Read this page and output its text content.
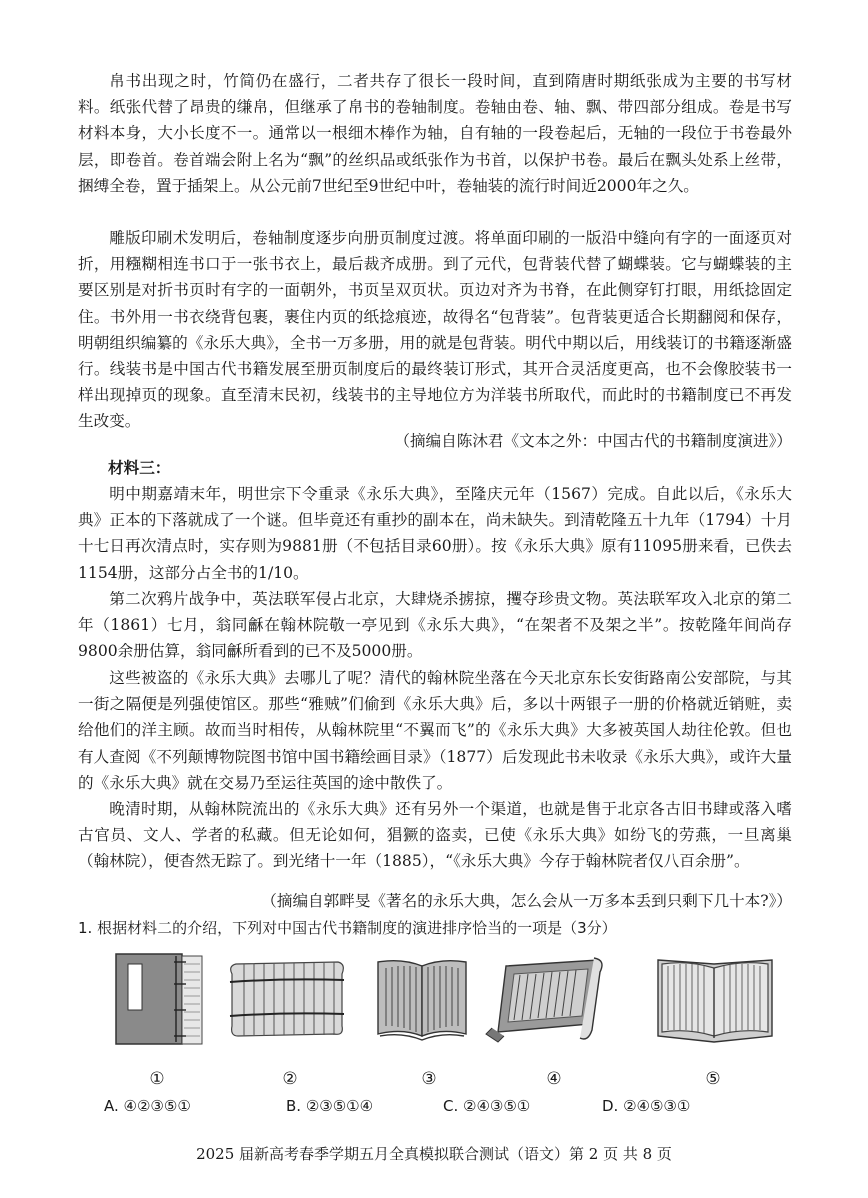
帛书出现之时，竹简仍在盛行，二者共存了很长一段时间，直到隋唐时期纸张成为主要的书写材料。纸张代替了昂贵的缣帛，但继承了帛书的卷轴制度。卷轴由卷、轴、飘、带四部分组成。卷是书写材料本身，大小长度不一。通常以一根细木棒作为轴，自有轴的一段卷起后，无轴的一段位于书卷最外层，即卷首。卷首端会附上名为“飘”的丝织品或纸张作为书首，以保护书卷。最后在飘头处系上丝带，捆缚全卷，置于插架上。从公元前7世纪至9世纪中叶，卷轴装的流行时间近2000年之久。

雕版印刷术发明后，卷轴制度逐步向册页制度过渡。将单面印刷的一版沿中缝向有字的一面逐页对折，用糨糊相连书口于一张书衣上，最后裁齐成册。到了元代，包背装代替了蝴蝶装。它与蝴蝶装的主要区别是对折书页时有字的一面朝外，书页呈双页状。页边对齐为书脊，在此侧穿钉打眼，用纸捻固定住。书外用一书衣绕背包裹，裹住内页的纸捻痕迹，故得名“包背装”。包背装更适合长期翻阅和保存，明朝组织编纂的《永乐大典》，全书一万多册，用的就是包背装。明代中期以后，用线装订的书籍逐渐盛行。线装书是中国古代书籍发展至册页制度后的最终装订形式，其开合灵活度更高，也不会像胶装书一样出现掉页的现象。直至清末民初，线装书的主导地位方为洋装书所取代，而此时的书籍制度已不再发生改变。

（摘编自陈沐君《文本之外：中国古代的书籍制度演进》）

材料三：

明中期嘉靖末年，明世宗下令重录《永乐大典》，至隆庆元年（1567）完成。自此以后，《永乐大典》正本的下落就成了一个谜。但毕竟还有重抄的副本在，尚未缺失。到清乾隆五十九年（1794）十月十七日再次清点时，实存则为9881册（不包括目录60册）。按《永乐大典》原有11095册来看，已佚去1154册，这部分占全书的1/10。

第二次鸦片战争中，英法联军侵占北京，大肆烧杀掳掠，攫夺珍贵文物。英法联军攻入北京的第二年（1861）七月，翁同龢在翰林院敬一亭见到《永乐大典》，“在架者不及架之半”。按乾隆年间尚存9800余册估算，翁同龢所看到的已不及5000册。

这些被盗的《永乐大典》去哪儿了呢？清代的翰林院坐落在今天北京东长安街路南公安部院，与其一街之隔便是列强使馆区。那些“雅贼”们偷到《永乐大典》后，多以十两银子一册的价格就近销赃，卖给他们的洋主顾。故而当时相传，从翰林院里“不翼而飞”的《永乐大典》大多被英国人劫往伦敦。但也有人查阅《不列颠博物院图书馆中国书籍绘画目录》（1877）后发现此书未收录《永乐大典》，或许大量的《永乐大典》就在交易乃至运往英国的途中散佚了。

晚清时期，从翰林院流出的《永乐大典》还有另外一个渠道，也就是售于北京各古旧书肆或落入嗜古官员、文人、学者的私藏。但无论如何，猖獗的盗卖，已使《永乐大典》如纷飞的劳燕，一旦离巢（翰林院），便杳然无踪了。到光绪十一年（1885），“《永乐大典》今存于翰林院者仅八百余册”。

（摘编自郭畔旻《著名的永乐大典，怎么会从一万多本丢到只剩下几十本?》）

1. 根据材料二的介绍，下列对中国古代书籍制度的演进排序恰当的一项是（3分）

①	②	③	④	⑤
A. ④②③⑤①	B. ②③⑤①④	C. ②④③⑤①	D. ②④⑤③①
2025 届新高考春季学期五月全真模拟联合测试（语文）第 2 页 共 8 页
